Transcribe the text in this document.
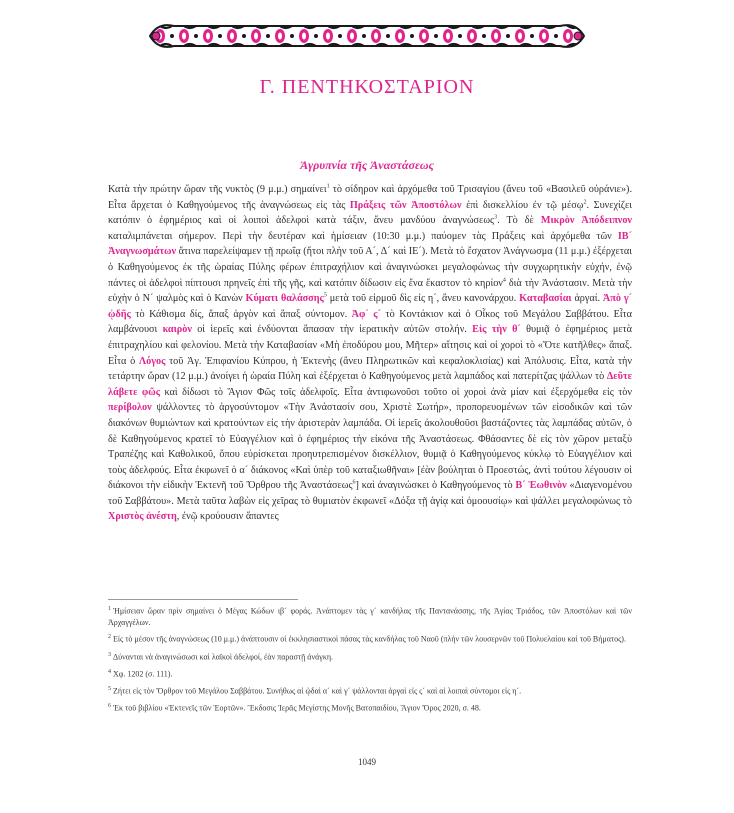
Γ. ΠΕΝΤΗΚΟΣΤΑΡΙΟΝ
Ἀγρυπνία τῆς Ἀναστάσεως

Κατὰ τὴν πρώτην ὥραν τῆς νυκτὸς (9 μ.μ.) σημαίνει$^1$ τὸ σίδηρον καὶ ἀρχόμεθα τοῦ Τρισαγίου (ἄνευ τοῦ «Βασιλεῦ οὐράνιε»). Εἶτα ἄρχεται ὁ Καθηγούμενος τῆς ἀναγνώσεως εἰς τὰς Πράξεις τῶν Ἀποστόλων ἐπὶ δισκελλίου ἐν τῷ μέσῳ$^2$. Συνεχίζει κατόπιν ὁ ἐφημέριος καὶ οἱ λοιποὶ ἀδελφοὶ κατὰ τάξιν, ἄνευ μανδύου ἀναγνώσεως$^3$. Τὸ δὲ Μικρὸν Ἀπόδειπνον καταλιμπάνεται σήμερον. Περὶ τὴν δευτέραν καὶ ἡμίσειαν (10:30 μ.μ.) παύομεν τὰς Πράξεις καὶ ἀρχόμεθα τῶν ΙΒ´ Ἀναγνωσμάτων ἅτινα παρελείψαμεν τῇ πρωΐᾳ (ἤτοι πλὴν τοῦ Α´, Δ´ καὶ ΙΕ´). Μετὰ τὸ ἔσχατον Ἀνάγνωσμα (11 μ.μ.) ἐξέρχεται ὁ Καθηγούμενος ἐκ τῆς ὡραίας Πύλης φέρων ἐπιτραχήλιον καὶ ἀναγινώσκει μεγαλοφώνως τὴν συγχωρητικὴν εὐχήν, ἐνῷ πάντες οἱ ἀδελφοὶ πίπτουσι πρηνεῖς ἐπὶ τῆς γῆς, καὶ κατόπιν δίδωσιν εἰς ἕνα ἕκαστον τὸ κηρίον$^4$ διὰ τὴν Ἀνάστασιν. Μετὰ τὴν εὐχὴν ὁ Ν´ ψαλμὸς καὶ ὁ Κανὼν Κύματι θαλάσσης$^5$ μετὰ τοῦ εἱρμοῦ δὶς εἰς η´, ἄνευ κανονάρχου. Καταβασίαι ἀργαί. Ἀπὸ γ´ ᾠδῆς τὸ Κάθισμα δίς, ἅπαξ ἀργὸν καὶ ἅπαξ σύντομον. Ἀφ´ ς´ τὸ Κοντάκιον καὶ ὁ Οἶκος τοῦ Μεγάλου Σαββάτου. Εἶτα λαμβάνουσι καιρὸν οἱ ἱερεῖς καὶ ἐνδύονται ἅπασαν τὴν ἱερατικὴν αὐτῶν στολήν. Εἰς τὴν θ´ θυμιᾷ ὁ ἐφημέριος μετὰ ἐπιτραχηλίου καὶ φελονίου. Μετὰ τὴν Καταβασίαν «Μὴ ἐποδύρου μου, Μῆτερ» αἴτησις καὶ οἱ χοροὶ τὸ «Ὅτε κατῆλθες» ἅπαξ. Εἶτα ὁ Λόγος τοῦ Ἁγ. Ἐπιφανίου Κύπρου, ἡ Ἐκτενὴς (ἄνευ Πληρωτικῶν καὶ κεφαλοκλισίας) καὶ Ἀπόλυσις. Εἶτα, κατὰ τὴν τετάρτην ὥραν (12 μ.μ.) ἀνοίγει ἡ ὡραία Πύλη καὶ ἐξέρχεται ὁ Καθηγούμενος μετὰ λαμπάδος καὶ πατερίτζας ψάλλων τὸ Δεῦτε λάβετε φῶς καὶ δίδωσι τὸ Ἅγιον Φῶς τοῖς ἀδελφοῖς. Εἶτα ἀντιφωνοῦσι τοῦτο οἱ χοροὶ ἀνὰ μίαν καὶ ἐξερχόμεθα εἰς τὸν περίβολον ψάλλοντες τὸ ἀργοσύντομον «Τὴν Ἀνάστασίν σου, Χριστὲ Σωτήρ», προπορευομένων τῶν εἰσοδικῶν καὶ τῶν διακόνων θυμιώντων καὶ κρατούντων εἰς τὴν ἀριστερὰν λαμπάδα. Οἱ ἱερεῖς ἀκολουθοῦσι βαστάζοντες τὰς λαμπάδας αὐτῶν, ὁ δὲ Καθηγούμενος κρατεῖ τὸ Εὐαγγέλιον καὶ ὁ ἐφημέριος τὴν εἰκόνα τῆς Ἀναστάσεως. Φθάσαντες δὲ εἰς τὸν χῶρον μεταξὺ Τραπέζης καὶ Καθολικοῦ, ὅπου εὑρίσκεται προηυτρεπισμένον δισκέλλιον, θυμιᾷ ὁ Καθηγούμενος κύκλῳ τὸ Εὐαγγέλιον καὶ τοὺς ἀδελφούς. Εἶτα ἐκφωνεῖ ὁ α´ διάκονος «Καὶ ὑπὲρ τοῦ καταξιωθῆναι» [ἐὰν βούληται ὁ Προεστώς, ἀντὶ τούτου λέγουσιν οἱ διάκονοι τὴν εἰδικὴν Ἐκτενῆ τοῦ Ὄρθρου τῆς Ἀναστάσεως$^6$] καὶ ἀναγινώσκει ὁ Καθηγούμενος τὸ Β´ Ἑωθινὸν «Διαγενομένου τοῦ Σαββάτου». Μετὰ ταῦτα λαβὼν εἰς χεῖρας τὸ θυμιατὸν ἐκφωνεῖ «Δόξα τῇ ἁγίᾳ καὶ ὁμοουσίῳ» καὶ ψάλλει μεγαλοφώνως τὸ Χριστὸς ἀνέστη, ἐνῷ κρούουσιν ἅπαντες

$^1$ Ἡμίσειαν ὥραν πρὶν σημαίνει ὁ Μέγας Κώδων ιβ´ φοράς. Ἀνάπτομεν τὰς γ´ κανδήλας τῆς Παντανάσσης, τῆς Ἁγίας Τριάδος, τῶν Ἀποστόλων καὶ τῶν Ἀρχαγγέλων.

$^2$ Εἰς τὸ μέσον τῆς ἀναγνώσεως (10 μ.μ.) ἀνάπτουσιν οἱ ἐκκλησιαστικοὶ πάσας τὰς κανδήλας τοῦ Ναοῦ (πλὴν τῶν λουσερνῶν τοῦ Πολυελαίου καὶ τοῦ Βήματος).

$^3$ Δύνανται νὰ ἀναγινώσωσι καὶ λαϊκοὶ ἀδελφοί, ἐὰν παραστῇ ἀνάγκη.

$^4$ Χφ. 1202 (σ. 111).

$^5$ Ζήτει εἰς τὸν Ὄρθρον τοῦ Μεγάλου Σαββάτου. Συνήθως αἱ ᾠδαὶ α´ καὶ γ´ ψάλλονται ἀργαὶ εἰς ς´ καὶ αἱ λοιπαὶ σύντομοι εἰς η´.

$^6$ Ἐκ τοῦ βιβλίου «Ἐκτενεῖς τῶν Ἑορτῶν». Ἔκδοσις Ἱερᾶς Μεγίστης Μονῆς Βατοπαιδίου, Ἅγιον Ὄρος 2020, σ. 48.

1049
